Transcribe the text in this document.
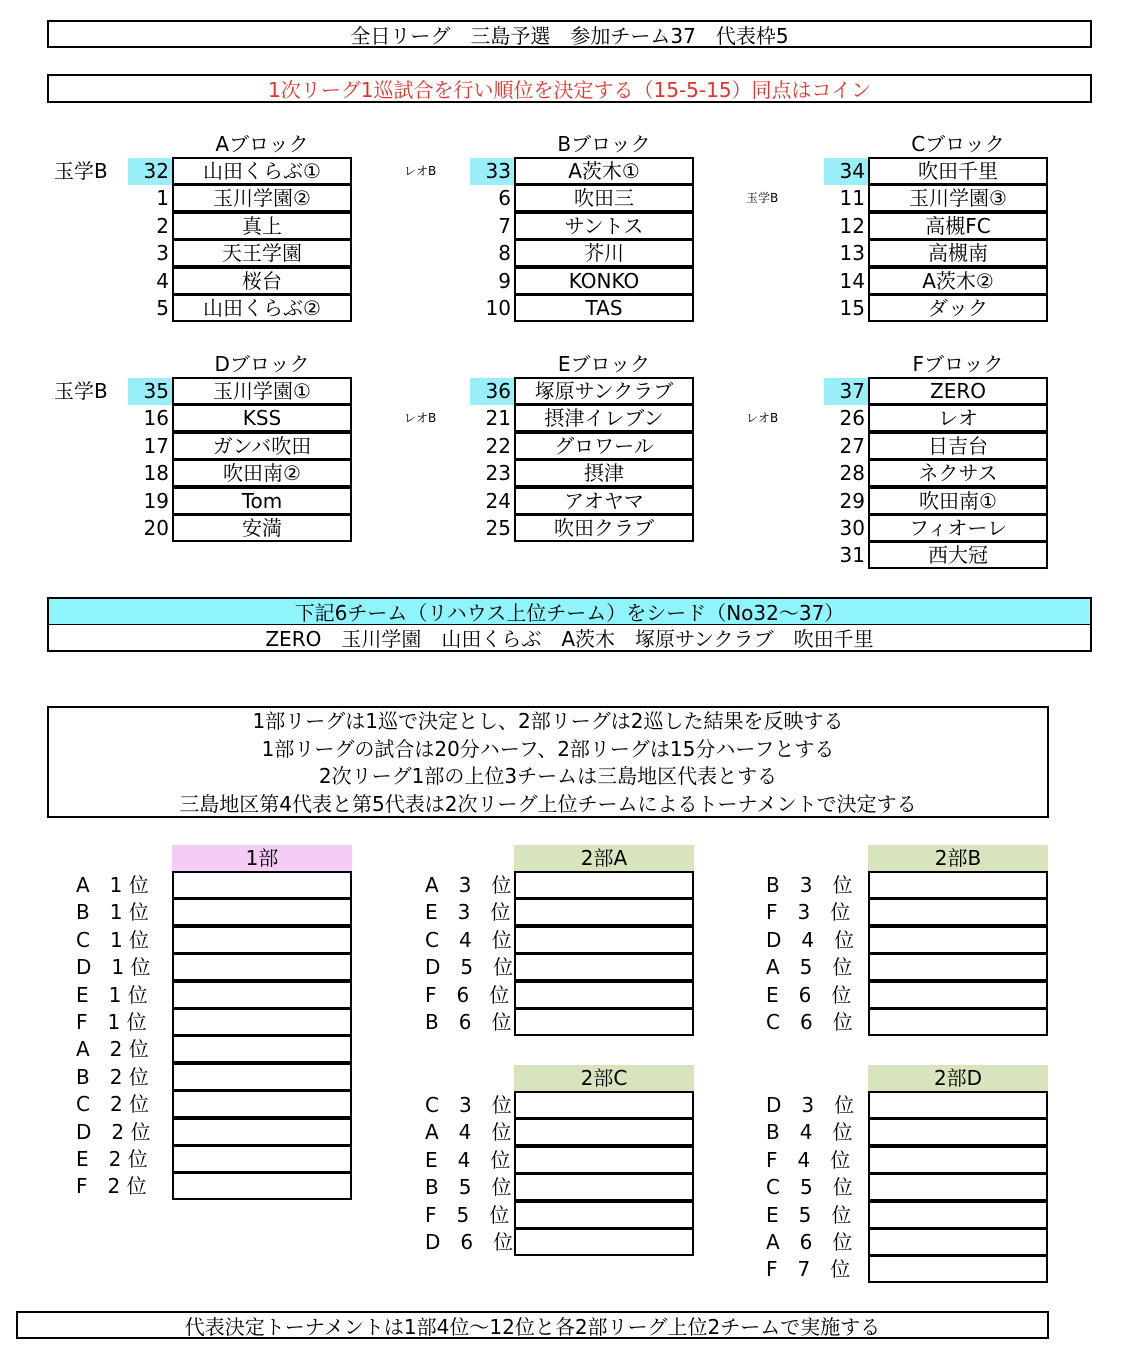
全日リーグ　三島予選　参加チーム37　代表枠5
1次リーグ1巡試合を行い順位を決定する（15-5-15）同点はコイン
Aブロック
玉学B	32	山田くらぶ①
1	玉川学園②
2	真上
3	天王学園
4	桜台
5	山田くらぶ②
Bブロック
レオB	33	A茨木①
6	吹田三
7	サントス
8	芥川
9	KONKO
10	TAS
Cブロック
玉学B
34	吹田千里
11	玉川学園③
12	高槻FC
13	高槻南
14	A茨木②
15	ダック
Dブロック
玉学B	35	玉川学園①
16	KSS
17	ガンバ吹田
18	吹田南②
19	Tom
20	安満
Eブロック
レオB
36	塚原サンクラブ
21	摂津イレブン
22	グロワール
23	摂津
24	アオヤマ
25	吹田クラブ
Fブロック
レオB
37	ZERO
26	レオ
27	日吉台
28	ネクサス
29	吹田南①
30	フィオーレ
31	西大冠
下記6チーム（リハウス上位チーム）をシード（No32～37）
ZERO　玉川学園　山田くらぶ　A茨木　塚原サンクラブ　吹田千里
1部リーグは1巡で決定とし、2部リーグは2巡した結果を反映する
1部リーグの試合は20分ハーフ、2部リーグは15分ハーフとする
2次リーグ1部の上位3チームは三島地区代表とする
三島地区第4代表と第5代表は2次リーグ上位チームによるトーナメントで決定する
1部
A　1 位
B　1 位
C　1 位
D　1 位
E　1 位
F　1 位
A　2 位
B　2 位
C　2 位
D　2 位
E　2 位
F　2 位
2部A
A　3　位
E　3　位
C　4　位
D　5　位
F　6　位
B　6　位
2部B
B　3　位
F　3　位
D　4　位
A　5　位
E　6　位
C　6　位
2部C
C　3　位
A　4　位
E　4　位
B　5　位
F　5　位
D　6　位
2部D
D　3　位
B　4　位
F　4　位
C　5　位
E　5　位
A　6　位
F　7　位
代表決定トーナメントは1部4位～12位と各2部リーグ上位2チームで実施する
